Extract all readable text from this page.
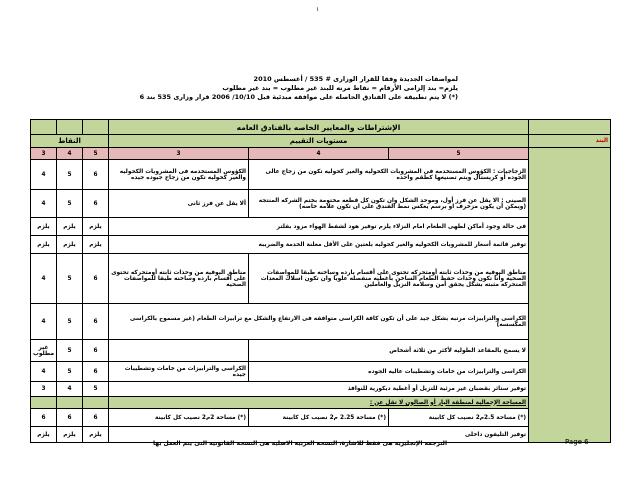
١
لمواصفات الجديدة وفقا للقرار الوزارى # 535 / أغسطس 2010
يلزم= بند إلزامى الأرقام = نقاط مرنه للبند غير مطلوب = بند غير مطلوب
(*) لا يتم تطبيقه على الفنادق الحاصله على موافقه مبدئية قبل 10/10/ 2006 قرار وزارى 535 بند 6
			الإشتراطات والمعايير الخاصه بالفنادق العامه				
النقاط			مستويات التقييم			البند	
3	4	5	3	4	5		
4	5	6	الكؤوس المستخدمه فى المشروبات الكحوليه والغير كحوليه تكون من زجاج جيوده جيده	الزجاجيات : الكؤوس المستخدمه فى المشروبات الكحوليه والغير كحوليه تكون من زجاج عالى الجوده أو كريستال ويتم تصنيعها كطقم واحده			
4	5	6	ألا يقل عن فرز ثانى	الصينى : الا يقل عن فرز أول، وموحد الشكل وان تكون كل قطعه مختومة بختم الشركه المنتجه (ويمكن أن يكون مزخرف او برسم يعكس نمط الفندق على ان تكون علامه خاصه)			
يلزم	يلزم	يلزم	فى حالة وجود أماكن لطهى الطعام امام النزلاء يلزم توفير هود لشفط الهواء مزود بفلتر				
يلزم	يلزم	يلزم	توفير قائمة أسعار للمشروبات الكحوليه والغير كحوليه بلغتين على الأقل معلنة الخدمة والضريبه				
4	5	6	مناطق البوفيه من وحدات ثابته أومتحركه تحتوى على اقسام بارده وساخنه طبقا للمواصفات الصحيه	مناطق البوفيه من وحدات ثابته أومتحركه تحتوى على أقسام بارده وساخنه طبقا للمواصفات الصحيه وأنا تكون وحدات حفظ الطعام الساخن بأغطيه منفصله علويا وان تكون اسلاك المعدات المتحركه مثبته بشكل يحقق أمن وسلامة النزيل والعاملين			
4	5	6	الكراسى والترابيزات مرتبه بشكل جيد على أن تكون كافة الكراسى متوافقه فى الارتفاع والشكل مع ترابيزات الطعام (غير مسموح بالكراسى المكسسه)				
غير مطلوب	5	6		لا يسمح بالمقاعد الطوليه لأكثر من ثلاثة أشخاص			
4	5	6	الكراسى والترابيزات من خامات وتشطيبات جيده	الكراسى والترابيزات من خامات وتشطيبات عاليه الجوده			
3	4	5	توفير ستائر بقضبان غير مرئية للتزيل أو أغطية ديكورية للنوافذ				
			المساحة الإجمالية لمنطقة البار أو الصالون لا تقل عن :	
6	6	6	(*) مساحة 2م2 نصيب كل كابينة	(*) مساحة 2.25 م2 نصيب كل كابينة	(*) مساحة 2.5م2 نصيب كل كابينة		
يلزم	يلزم	يلزم	توفير التليفون داخلى				
الترجمة الإنجليزية هى فقط للاشارة، النسخه العربيه الاصلية هى النسخة القانونية التى يتم العمل بها	Page 6
